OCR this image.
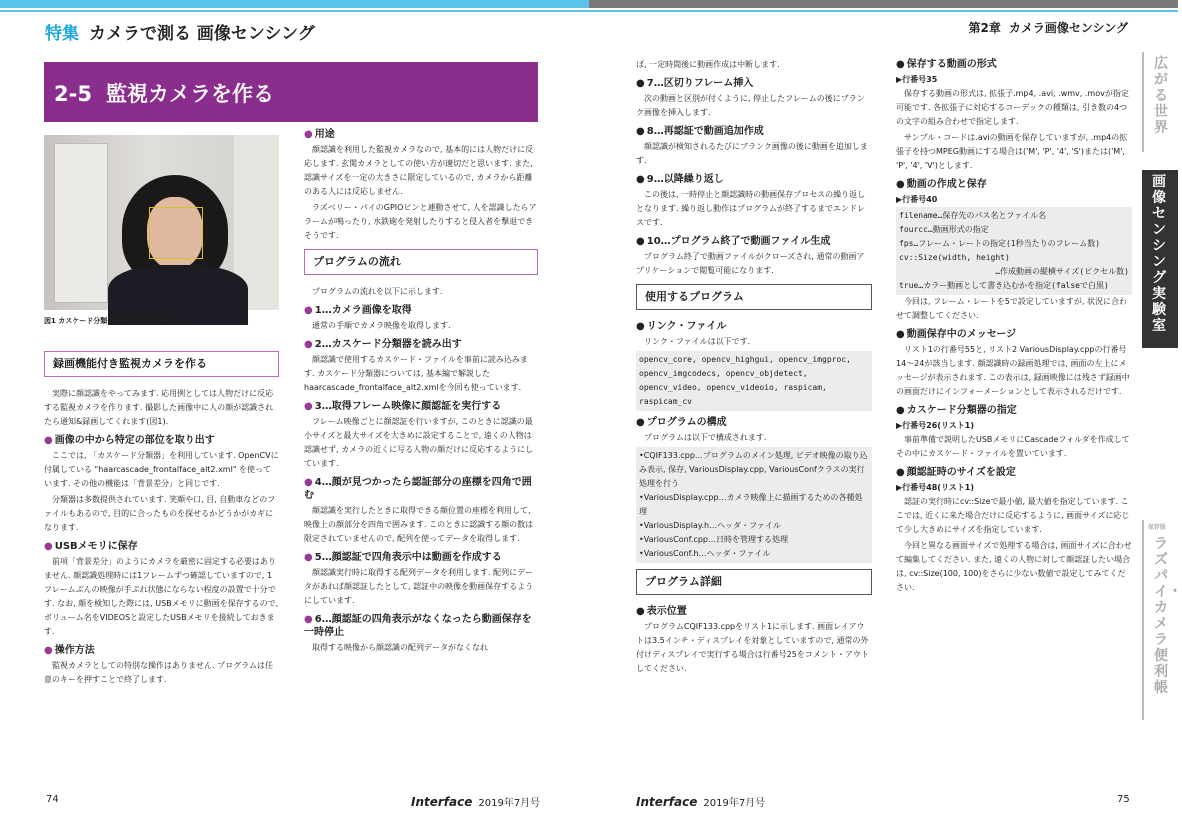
特集 カメラで測る 画像センシング	第2章 カメラ画像センシング
2-5 監視カメラを作る
図1 カスケード分類器を利用して顔を検出する
録画機能付き監視カメラを作る

実際に顔認識をやってみます. 応用例としては人物だけに反応する監視カメラを作ります. 撮影した画像中に人の顔が認識されたら通知&録画してくれます(図1).

● 画像の中から特定の部位を取り出す

ここでは, 「カスケード分類器」を利用しています. OpenCVに付属している "haarcascade_frontalface_alt2.xml" を使っています. その他の機能は「背景差分」と同じです.

分類器は多数提供されています. 笑顔や口, 目, 自動車などのファイルもあるので, 目的に合ったものを探せるかどうかがカギになります.

● USBメモリに保存

前項「背景差分」のようにカメラを厳密に固定する必要はありません. 顔認識処理時には1フレームずつ確認していますので, 1フレームぶんの映像が手ぶれ状態にならない程度の設置で十分です. なお, 顔を検知した際には, USBメモリに動画を保存するので, ボリューム名をVIDEOSと設定したUSBメモリを接続しておきます.

● 操作方法

監視カメラとしての特別な操作はありません. プログラムは任意のキーを押すことで終了します.

● 用途

顔認識を利用した監視カメラなので, 基本的には人物だけに反応します. 玄関カメラとしての使い方が適切だと思います. また, 認識サイズを一定の大きさに限定しているので, カメラから距離のある人には反応しません.

ラズベリー・パイのGPIOピンと連動させて, 人を認識したらアラームが鳴ったり, 水鉄砲を発射したりすると侵入者を撃退できそうです.

プログラムの流れ

プログラムの流れを以下に示します.

● 1…カメラ画像を取得

通常の手順でカメラ映像を取得します.

● 2…カスケード分類器を読み出す

顔認識で使用するカスケード・ファイルを事前に読み込みます. カスケード分類器については, 基本編で解説したhaarcascade_frontalface_alt2.xmlを今回も使っています.

● 3…取得フレーム映像に顔認証を実行する

フレーム映像ごとに顔認証を行いますが, このときに認識の最小サイズと最大サイズを大きめに設定することで, 遠くの人物は認識せず, カメラの近くに写る人物の顔だけに反応するようにしています.

● 4…顔が見つかったら認証部分の座標を四角で囲む

顔認識を実行したときに取得できる顔位置の座標を利用して, 映像上の顔部分を四角で囲みます. このときに認識する顔の数は限定されていませんので, 配列を使ってデータを取得します.

● 5…顔認証で四角表示中は動画を作成する

顔認識実行時に取得する配列データを利用します. 配列にデータがあれば顔認証したとして, 認証中の映像を動画保存するようにしています.

● 6…顔認証の四角表示がなくなったら動画保存を一時停止

取得する映像から顔認識の配列データがなくなれ

ば, 一定時間後に動画作成は中断します.

● 7…区切りフレーム挿入

次の動画と区別が付くように, 停止したフレームの後にブランク画像を挿入します.

● 8…再認証で動画追加作成

顔認識が検知されるたびにブランク画像の後に動画を追加します.

● 9…以降繰り返し

この後は, 一時停止と顔認識時の動画保存プロセスの繰り返しとなります. 繰り返し動作はプログラムが終了するまでエンドレスです.

● 10…プログラム終了で動画ファイル生成

プログラム終了で動画ファイルがクローズされ, 通常の動画アプリケーションで閲覧可能になります.

使用するプログラム
● リンク・ファイル

リンク・ファイルは以下です.

opencv_core, opencv_highgui, opencv_imgproc, opencv_imgcodecs, opencv_objdetect, opencv_video, opencv_videoio, raspicam, raspicam_cv
● プログラムの構成

プログラムは以下で構成されます.

•CQIF133.cpp…プログラムのメイン処理, ビデオ映像の取り込み表示, 保存, VariousDisplay.cpp, VariousConfクラスの実行処理を行う
•VariousDisplay.cpp…カメラ映像上に描画するための各種処理
•VariousDisplay.h…ヘッダ・ファイル
•VariousConf.cpp…日時を管理する処理
•VariousConf.h…ヘッダ・ファイル
プログラム詳細
● 表示位置

プログラムCQIF133.cppをリスト1に示します. 画面レイアウトは3.5インチ・ディスプレイを対象としていますので, 通常の外付けディスプレイで実行する場合は行番号25をコメント・アウトしてください.

● 保存する動画の形式
▶行番号35

保存する動画の形式は, 拡張子.mp4, .avi, .wmv, .movが指定可能です. 各拡張子に対応するコーデックの種類は, 引き数の4つの文字の組み合わせで指定します.

サンプル・コードは.aviの動画を保存していますが, .mp4の拡張子を持つMPEG動画にする場合は('M', 'P', '4', 'S')または('M', 'P', '4', 'V')とします.

● 動画の作成と保存
▶行番号40
filename…保存先のパス名とファイル名
fourcc…動画形式の指定
fps…フレーム・レートの指定(1秒当たりのフレーム数)
cv::Size(width, height)
…作成動画の縦横サイズ(ピクセル数)
true…カラー動画として書き込むかを指定(falseで白黒)

今回は, フレーム・レートを5で設定していますが, 状況に合わせて調整してください.

● 動画保存中のメッセージ

リスト1の行番号55と, リスト2 VariousDisplay.cppの行番号14～24が該当します. 顔認識時の録画処理では, 画面の左上にメッセージが表示されます. この表示は, 録画映像には残さず録画中の画面だけにインフォーメーションとして表示されるだけです.

● カスケード分類器の指定
▶行番号26(リスト1)

事前準備で説明したUSBメモリにCascadeフォルダを作成してその中にカスケード・ファイルを置いています.

● 顔認証時のサイズを設定
▶行番号48(リスト1)

認証の実行時にcv::Sizeで最小値, 最大値を指定しています. ここでは, 近くに来た場合だけに反応するように, 画面サイズに応じて少し大きめにサイズを指定しています.

今回と異なる画面サイズで処理する場合は, 画面サイズに合わせて編集してください. また, 遠くの人物に対して顔認証したい場合は, cv::Size(100, 100)をさらに少ない数値で設定してみてください.

広がる世界
画像センシング実験室
保存版
ラズパイ・カメラ便利帳
74	Interface 2019年7月号	Interface 2019年7月号	75
